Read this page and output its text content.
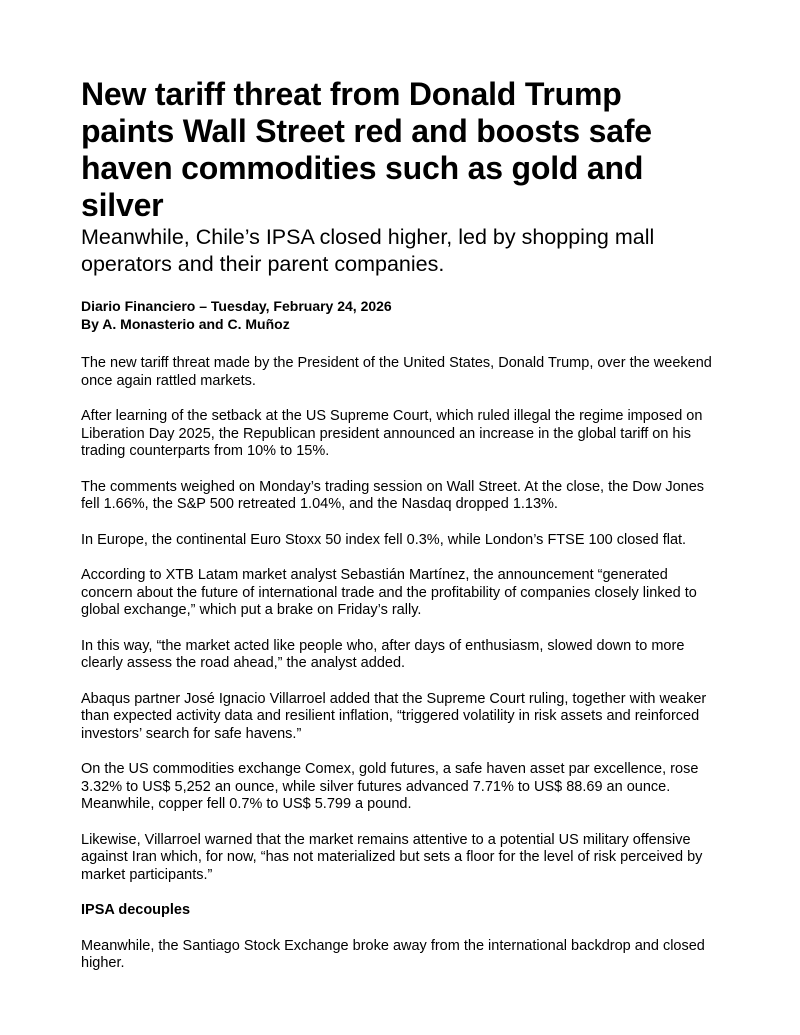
New tariff threat from Donald Trump paints Wall Street red and boosts safe haven commodities such as gold and silver

Meanwhile, Chile’s IPSA closed higher, led by shopping mall operators and their parent companies.

Diario Financiero – Tuesday, February 24, 2026
By A. Monasterio and C. Muñoz

The new tariff threat made by the President of the United States, Donald Trump, over the weekend once again rattled markets.

After learning of the setback at the US Supreme Court, which ruled illegal the regime imposed on Liberation Day 2025, the Republican president announced an increase in the global tariff on his trading counterparts from 10% to 15%.

The comments weighed on Monday’s trading session on Wall Street. At the close, the Dow Jones fell 1.66%, the S&P 500 retreated 1.04%, and the Nasdaq dropped 1.13%.

In Europe, the continental Euro Stoxx 50 index fell 0.3%, while London’s FTSE 100 closed flat.

According to XTB Latam market analyst Sebastián Martínez, the announcement “generated concern about the future of international trade and the profitability of companies closely linked to global exchange,” which put a brake on Friday’s rally.

In this way, “the market acted like people who, after days of enthusiasm, slowed down to more clearly assess the road ahead,” the analyst added.

Abaqus partner José Ignacio Villarroel added that the Supreme Court ruling, together with weaker than expected activity data and resilient inflation, “triggered volatility in risk assets and reinforced investors’ search for safe havens.”

On the US commodities exchange Comex, gold futures, a safe haven asset par excellence, rose 3.32% to US$ 5,252 an ounce, while silver futures advanced 7.71% to US$ 88.69 an ounce. Meanwhile, copper fell 0.7% to US$ 5.799 a pound.

Likewise, Villarroel warned that the market remains attentive to a potential US military offensive against Iran which, for now, “has not materialized but sets a floor for the level of risk perceived by market participants.”

IPSA decouples

Meanwhile, the Santiago Stock Exchange broke away from the international backdrop and closed higher.
